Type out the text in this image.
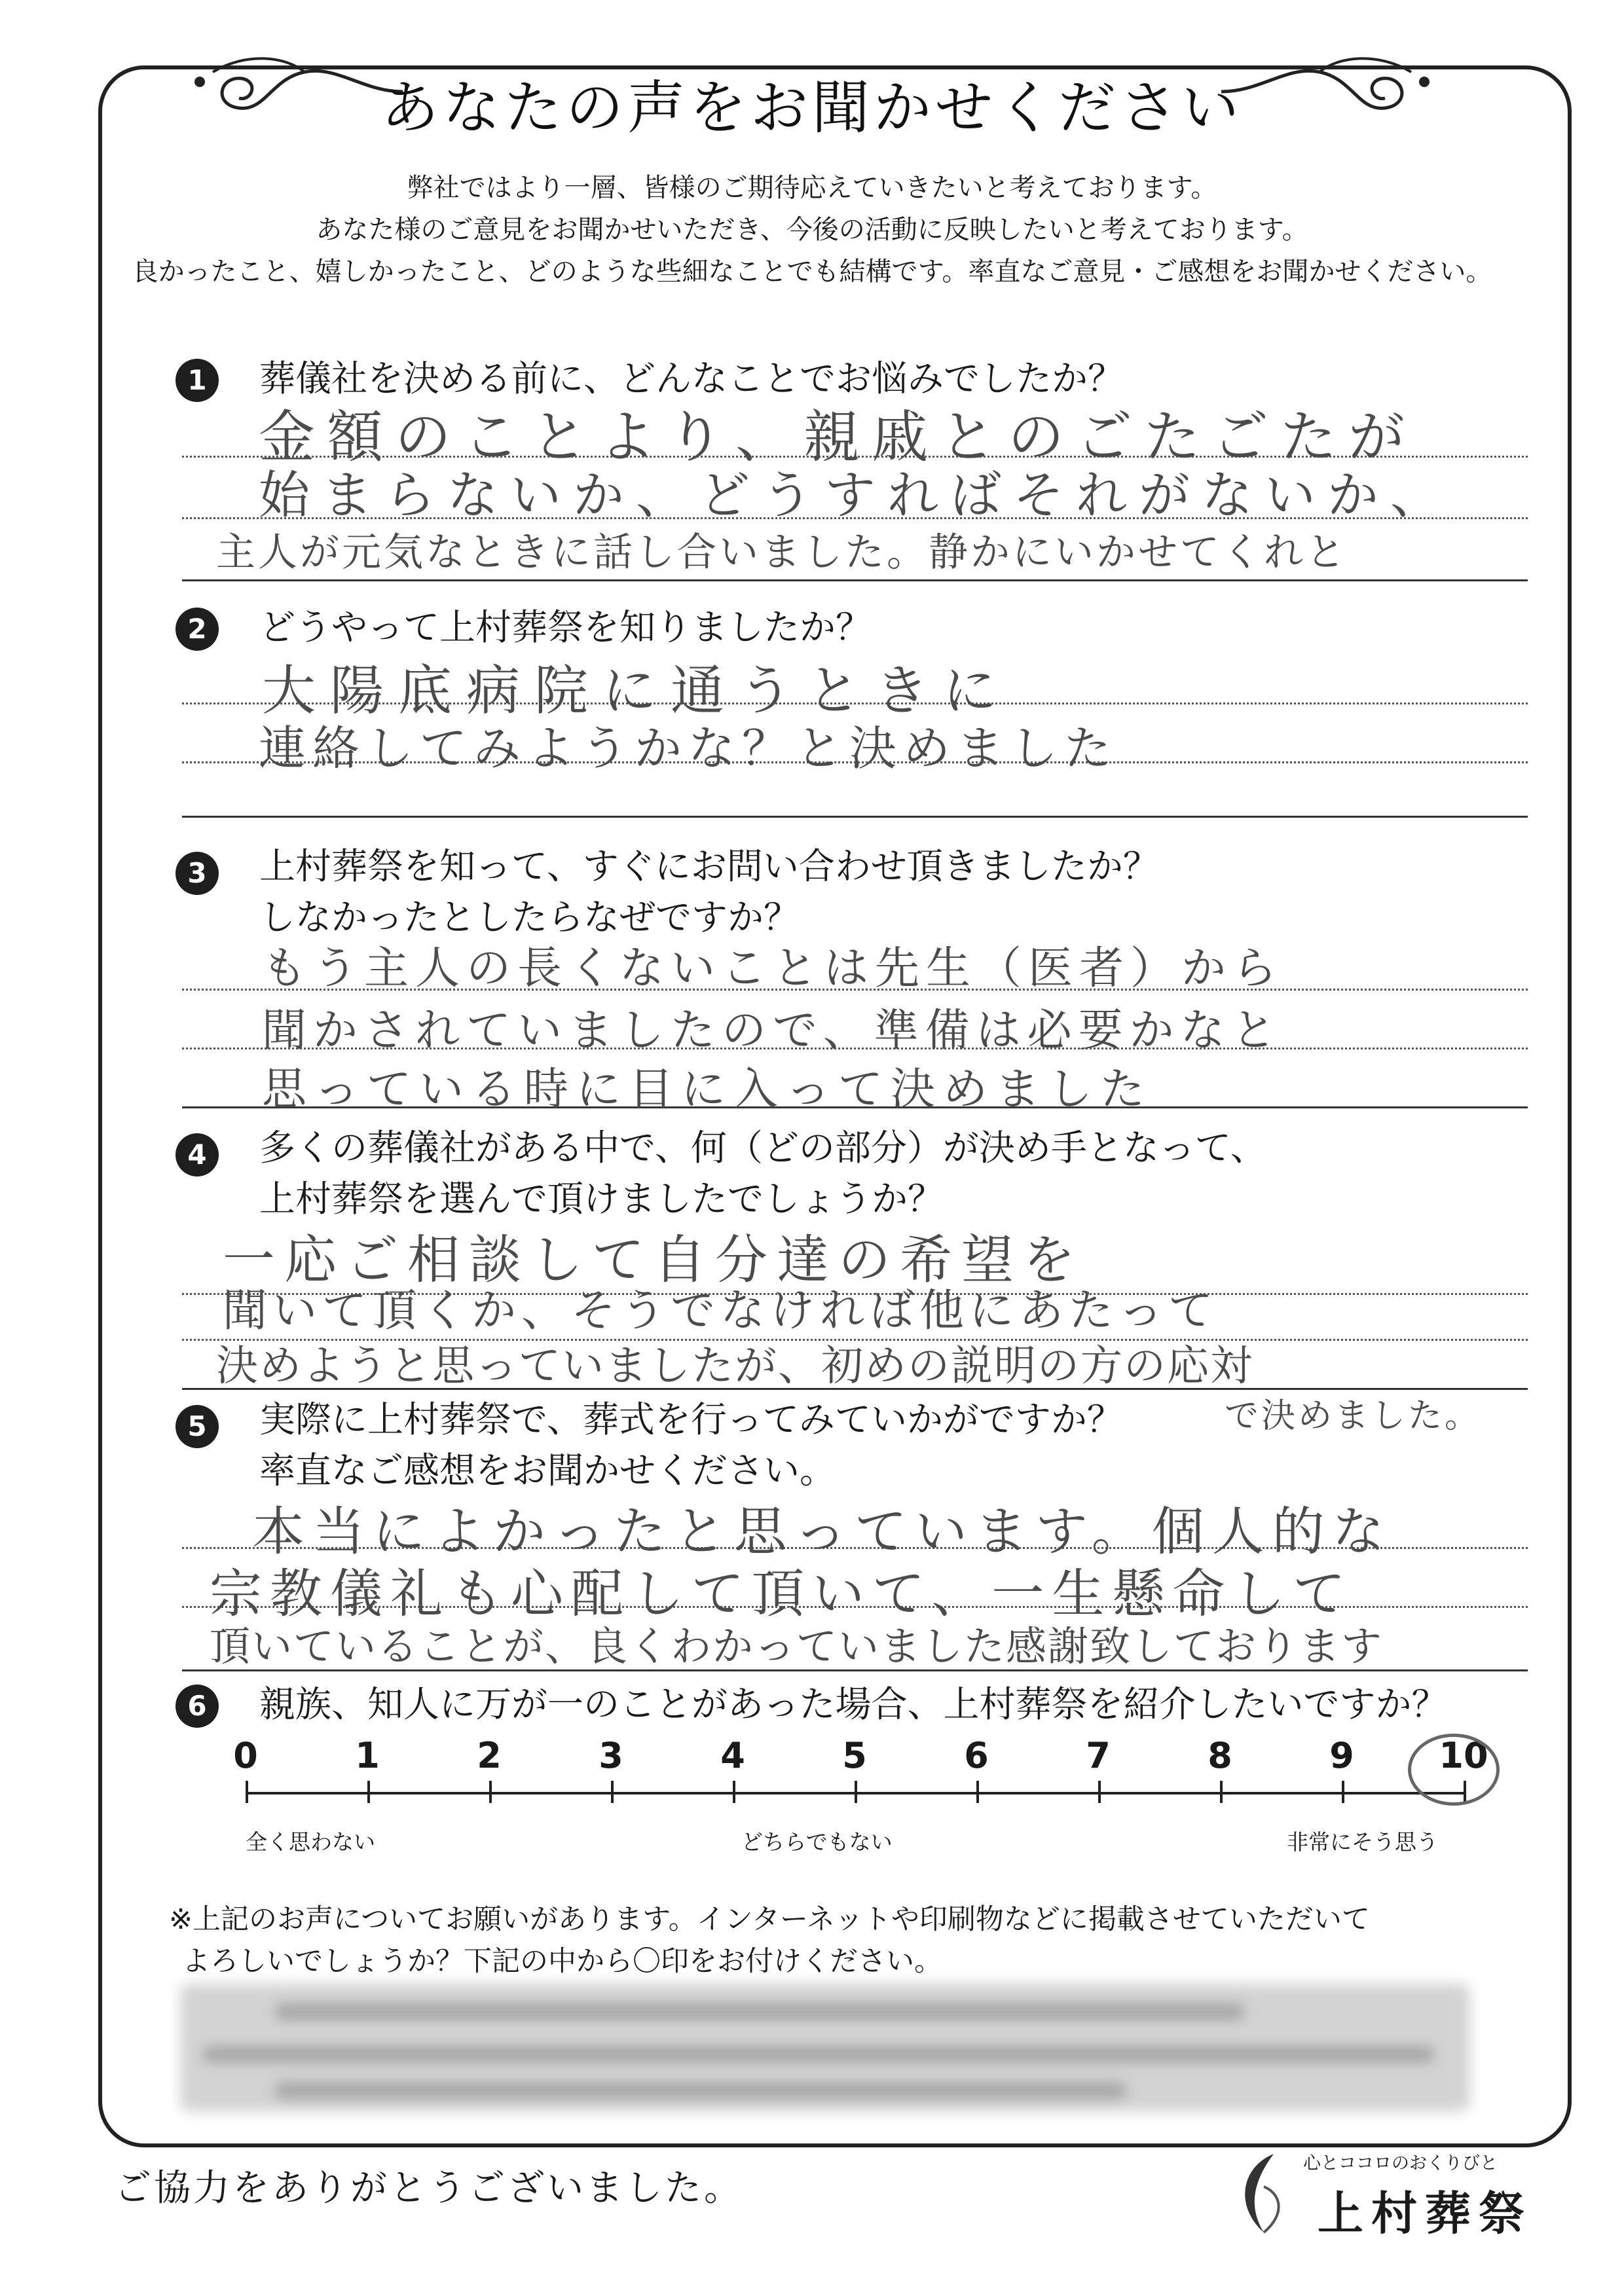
あなたの声をお聞かせください
弊社ではより一層、皆様のご期待応えていきたいと考えております。
あなた様のご意見をお聞かせいただき、今後の活動に反映したいと考えております。
良かったこと、嬉しかったこと、どのような些細なことでも結構です。率直なご意見・ご感想をお聞かせください。
1	葬儀社を決める前に、どんなことでお悩みでしたか？
金額のことより、親戚とのごたごたが
始まらないか、どうすればそれがないか、
主人が元気なときに話し合いました。静かにいかせてくれと
2	どうやって上村葬祭を知りましたか？
大陽底病院に通うときに
連絡してみようかな？と決めました
3	上村葬祭を知って、すぐにお問い合わせ頂きましたか？
しなかったとしたらなぜですか？
もう主人の長くないことは先生（医者）から
聞かされていましたので、準備は必要かなと
思っている時に目に入って決めました
4	多くの葬儀社がある中で、何（どの部分）が決め手となって、
上村葬祭を選んで頂けましたでしょうか？
一応ご相談して自分達の希望を
聞いて頂くか、そうでなければ他にあたって
決めようと思っていましたが、初めの説明の方の応対
で決めました。
5	実際に上村葬祭で、葬式を行ってみていかがですか？
率直なご感想をお聞かせください。
本当によかったと思っています。個人的な
宗教儀礼も心配して頂いて、一生懸命して
頂いていることが、良くわかっていました感謝致しております
6	親族、知人に万が一のことがあった場合、上村葬祭を紹介したいですか？
全く思わない	どちらでもない	非常にそう思う
0	1	2	3	4	5	6	7	8	9	10
※上記のお声についてお願いがあります。インターネットや印刷物などに掲載させていただいて
よろしいでしょうか？下記の中から〇印をお付けください。
ご協力をありがとうございました。
心とココロのおくりびと
上村葬祭
